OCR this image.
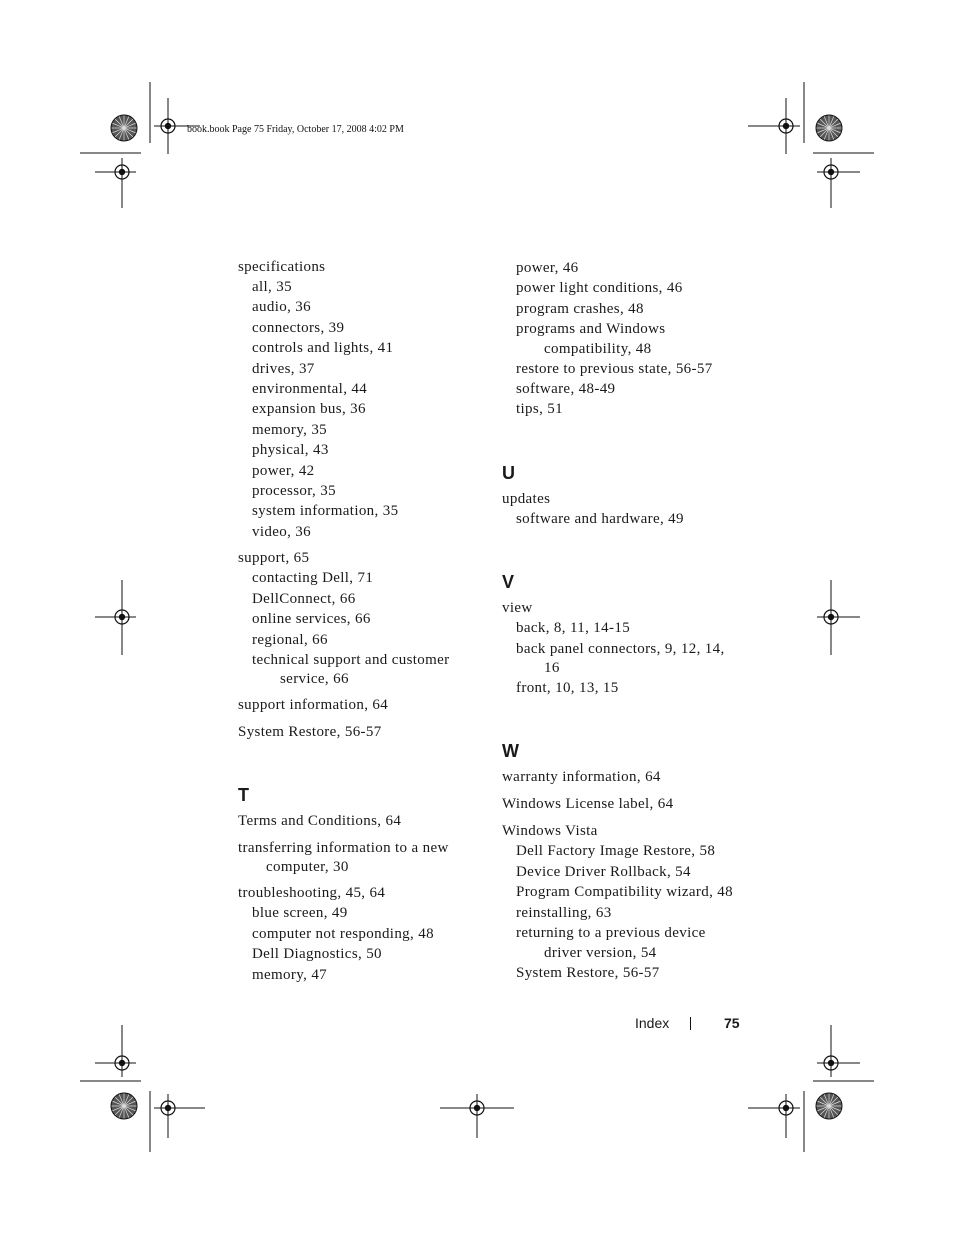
book.book Page 75 Friday, October 17, 2008 4:02 PM
specifications
all, 35
audio, 36
connectors, 39
controls and lights, 41
drives, 37
environmental, 44
expansion bus, 36
memory, 35
physical, 43
power, 42
processor, 35
system information, 35
video, 36
support, 65
contacting Dell, 71
DellConnect, 66
online services, 66
regional, 66
technical support and customer
service, 66
support information, 64
System Restore, 56-57
T
Terms and Conditions, 64
transferring information to a new
computer, 30
troubleshooting, 45, 64
blue screen, 49
computer not responding, 48
Dell Diagnostics, 50
memory, 47
power, 46
power light conditions, 46
program crashes, 48
programs and Windows
compatibility, 48
restore to previous state, 56-57
software, 48-49
tips, 51
U
updates
software and hardware, 49
V
view
back, 8, 11, 14-15
back panel connectors, 9, 12, 14,
16
front, 10, 13, 15
W
warranty information, 64
Windows License label, 64
Windows Vista
Dell Factory Image Restore, 58
Device Driver Rollback, 54
Program Compatibility wizard, 48
reinstalling, 63
returning to a previous device
driver version, 54
System Restore, 56-57
Index	75
